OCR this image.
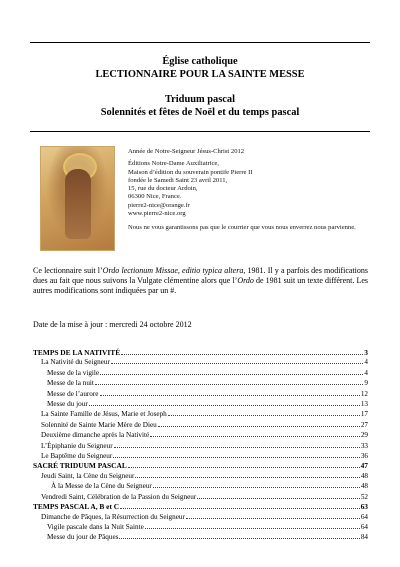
Église catholique
LECTIONNAIRE POUR LA SAINTE MESSE
Triduum pascal
Solennités et fêtes de Noël et du temps pascal
Année de Notre-Seigneur Jésus-Christ 2012
Éditions Notre-Dame Auxiliatrice,
Maison d’édition du souverain pontife Pierre II
fondée le Samedi Saint 23 avril 2011,
15, rue du docteur Ardoin,
06300 Nice, France.
pierre2-nice@orange.fr
www.pierre2-nice.org
Nous ne vous garantissons pas que le courrier que vous nous enverrez nous parvienne.
Ce lectionnaire suit l’Ordo lectionum Missae, editio typica altera, 1981. Il y a parfois des modifications dues au fait que nous suivons la Vulgate clémentine alors que l’Ordo de 1981 suit un texte différent. Les autres modifications sont indiquées par un #.
Date de la mise à jour : mercredi 24 octobre 2012
TEMPS DE LA NATIVITÉ	3
La Nativité du Seigneur	4
Messe de la vigile	4
Messe de la nuit	9
Messe de l’aurore	12
Messe du jour	13
La Sainte Famille de Jésus, Marie et Joseph	17
Solennité de Sainte Marie Mère de Dieu	27
Deuxième dimanche après la Nativité	29
L’Épiphanie du Seigneur	33
Le Baptême du Seigneur	36
SACRÉ TRIDUUM PASCAL	47
Jeudi Saint, la Cène du Seigneur	48
À la Messe de la Cène du Seigneur	48
Vendredi Saint, Célébration de la Passion du Seigneur	52
TEMPS PASCAL A, B et C	63
Dimanche de Pâques, la Résurrection du Seigneur	64
Vigile pascale dans la Nuit Sainte	64
Messe du jour de Pâques	84
